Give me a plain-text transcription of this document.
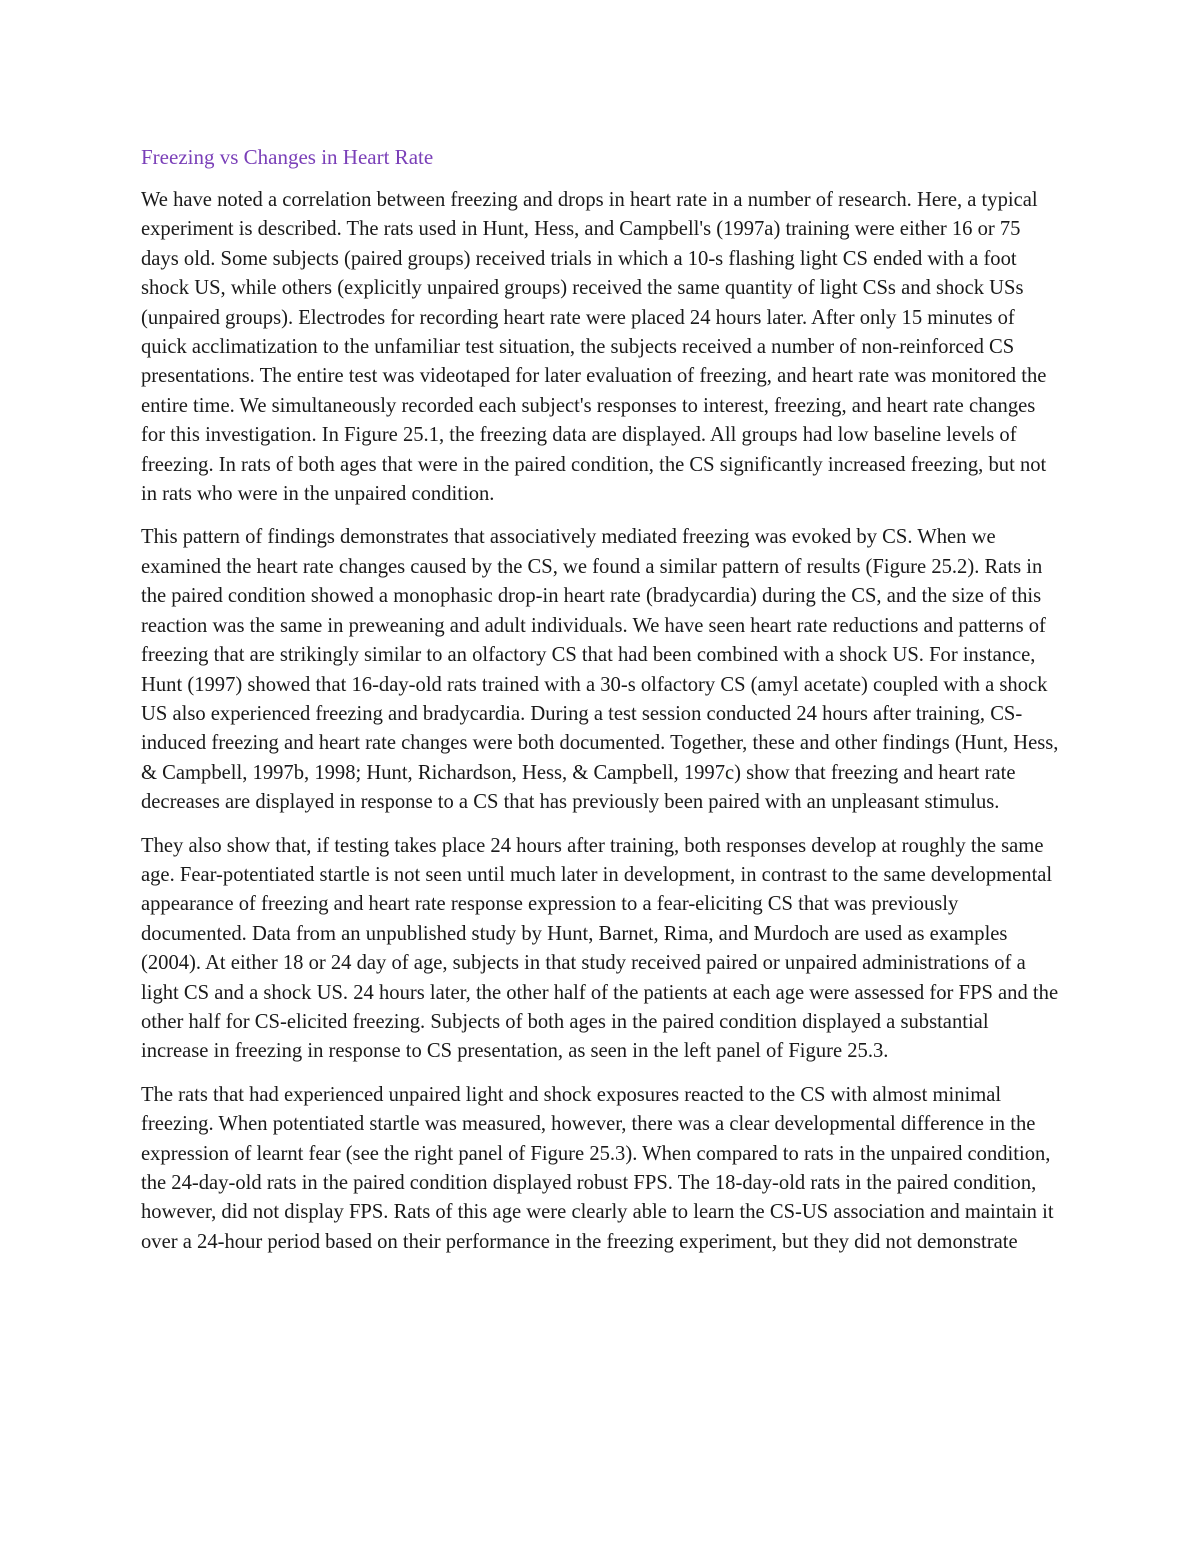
Freezing vs Changes in Heart Rate

We have noted a correlation between freezing and drops in heart rate in a number of research. Here, a typical experiment is described. The rats used in Hunt, Hess, and Campbell's (1997a) training were either 16 or 75 days old. Some subjects (paired groups) received trials in which a 10-s flashing light CS ended with a foot shock US, while others (explicitly unpaired groups) received the same quantity of light CSs and shock USs (unpaired groups). Electrodes for recording heart rate were placed 24 hours later. After only 15 minutes of quick acclimatization to the unfamiliar test situation, the subjects received a number of non-reinforced CS presentations. The entire test was videotaped for later evaluation of freezing, and heart rate was monitored the entire time. We simultaneously recorded each subject's responses to interest, freezing, and heart rate changes for this investigation. In Figure 25.1, the freezing data are displayed. All groups had low baseline levels of freezing. In rats of both ages that were in the paired condition, the CS significantly increased freezing, but not in rats who were in the unpaired condition.

This pattern of findings demonstrates that associatively mediated freezing was evoked by CS. When we examined the heart rate changes caused by the CS, we found a similar pattern of results (Figure 25.2). Rats in the paired condition showed a monophasic drop-in heart rate (bradycardia) during the CS, and the size of this reaction was the same in preweaning and adult individuals. We have seen heart rate reductions and patterns of freezing that are strikingly similar to an olfactory CS that had been combined with a shock US. For instance, Hunt (1997) showed that 16-day-old rats trained with a 30-s olfactory CS (amyl acetate) coupled with a shock US also experienced freezing and bradycardia. During a test session conducted 24 hours after training, CS-induced freezing and heart rate changes were both documented. Together, these and other findings (Hunt, Hess, & Campbell, 1997b, 1998; Hunt, Richardson, Hess, & Campbell, 1997c) show that freezing and heart rate decreases are displayed in response to a CS that has previously been paired with an unpleasant stimulus.

They also show that, if testing takes place 24 hours after training, both responses develop at roughly the same age. Fear-potentiated startle is not seen until much later in development, in contrast to the same developmental appearance of freezing and heart rate response expression to a fear-eliciting CS that was previously documented. Data from an unpublished study by Hunt, Barnet, Rima, and Murdoch are used as examples (2004). At either 18 or 24 day of age, subjects in that study received paired or unpaired administrations of a light CS and a shock US. 24 hours later, the other half of the patients at each age were assessed for FPS and the other half for CS-elicited freezing. Subjects of both ages in the paired condition displayed a substantial increase in freezing in response to CS presentation, as seen in the left panel of Figure 25.3.

The rats that had experienced unpaired light and shock exposures reacted to the CS with almost minimal freezing. When potentiated startle was measured, however, there was a clear developmental difference in the expression of learnt fear (see the right panel of Figure 25.3). When compared to rats in the unpaired condition, the 24-day-old rats in the paired condition displayed robust FPS. The 18-day-old rats in the paired condition, however, did not display FPS. Rats of this age were clearly able to learn the CS-US association and maintain it over a 24-hour period based on their performance in the freezing experiment, but they did not demonstrate
